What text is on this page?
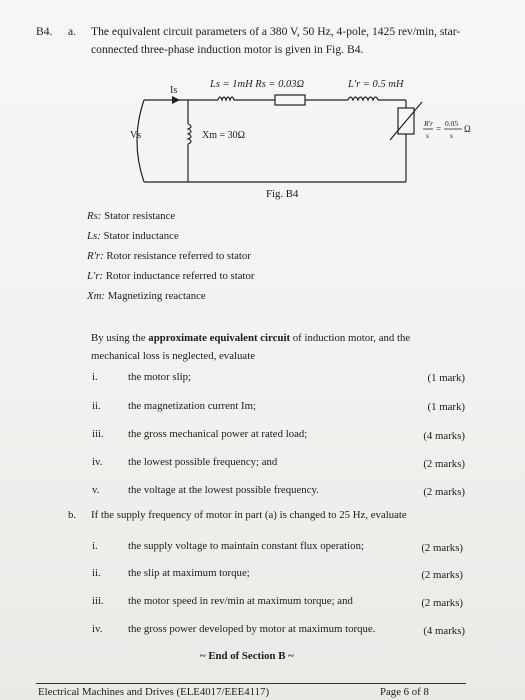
B4. a. The equivalent circuit parameters of a 380 V, 50 Hz, 4-pole, 1425 rev/min, star-
connected three-phase induction motor is given in Fig. B4.
Is
Ls = 1mH Rs = 0.03Ω	L'r = 0.5 mH
Vs	Xm = 30Ω
R'r
s
=
0.05
s
Ω
Fig. B4
Rs: Stator resistance
Ls: Stator inductance
R'r: Rotor resistance referred to stator
L'r: Rotor inductance referred to stator
Xm: Magnetizing reactance
By using the approximate equivalent circuit of induction motor, and the
mechanical loss is neglected, evaluate
i.	the motor slip;	(1 mark)
ii.	the magnetization current Im;	(1 mark)
iii. the gross mechanical power at rated load;	(4 marks)
iv. the lowest possible frequency; and	(2 marks)
v.	the voltage at the lowest possible frequency.	(2 marks)
b. If the supply frequency of motor in part (a) is changed to 25 Hz, evaluate
i.	the supply voltage to maintain constant flux operation;	(2 marks)
ii.	the slip at maximum torque;	(2 marks)
iii. the motor speed in rev/min at maximum torque; and	(2 marks)
iv. the gross power developed by motor at maximum torque.	(4 marks)
~ End of Section B ~
Electrical Machines and Drives (ELE4017/EEE4117)	Page 6 of 8
